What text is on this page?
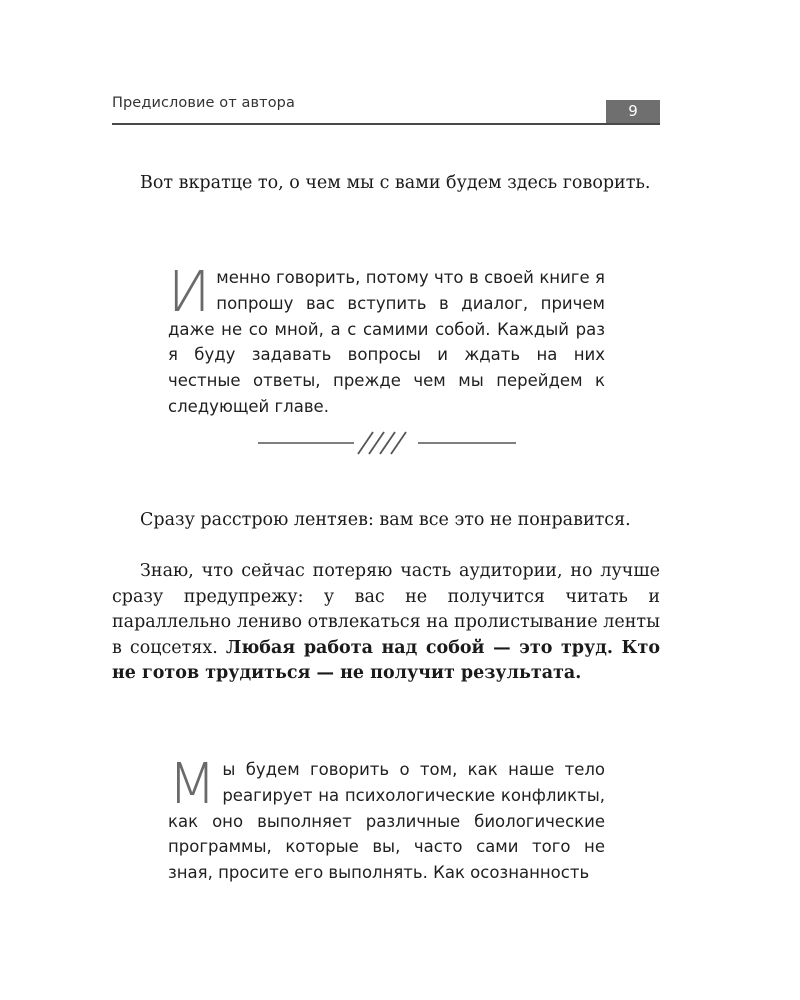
Предисловие от автора	9

Вот вкратце то, о чем мы с вами будем здесь говорить.

И менно говорить, потому что в своей книге я попрошу вас вступить в диалог, причем даже не со мной, а с самими собой. Каждый раз я буду задавать вопросы и ждать на них честные ответы, прежде чем мы перейдем к следующей главе.

Сразу расстрою лентяев: вам все это не понравится.

Знаю, что сейчас потеряю часть аудитории, но лучше сразу предупрежу: у вас не получится читать и параллельно лениво отвлекаться на пролистывание ленты в соцсетях. Любая работа над собой — это труд. Кто не готов трудиться — не получит результата.

М ы будем говорить о том, как наше тело реагирует на психологические конфликты, как оно выполняет различные биологические программы, которые вы, часто сами того не зная, просите его выполнять. Как осознанность
